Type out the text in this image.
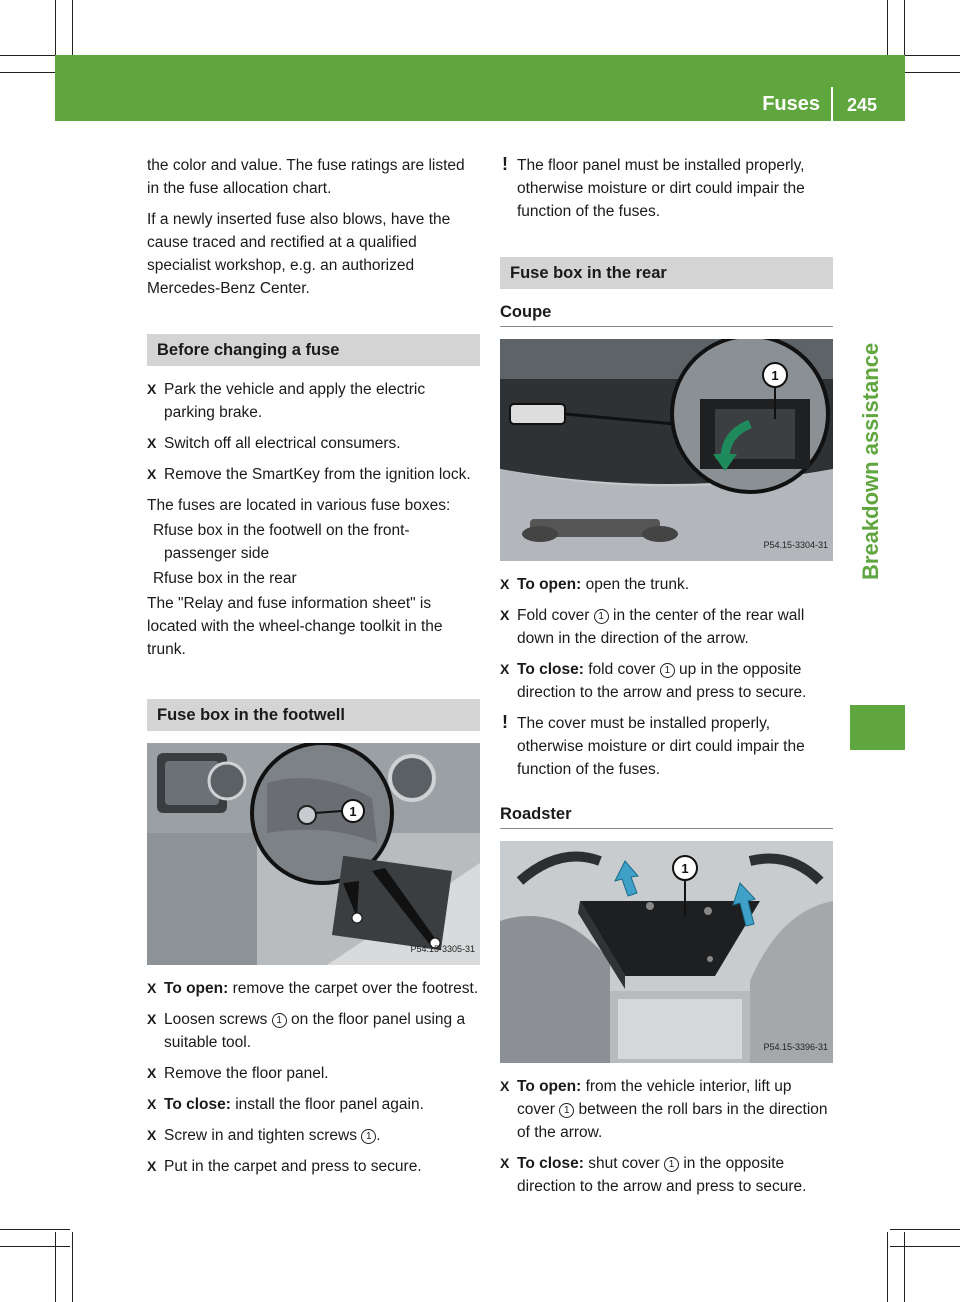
Fuses 245
Breakdown assistance

the color and value. The fuse ratings are listed in the fuse allocation chart.

If a newly inserted fuse also blows, have the cause traced and rectified at a qualified specialist workshop, e.g. an authorized Mercedes-Benz Center.

Before changing a fuse
X Park the vehicle and apply the electric parking brake.
X Switch off all electrical consumers.
X Remove the SmartKey from the ignition lock.

The fuses are located in various fuse boxes:

R fuse box in the footwell on the front-passenger side
R fuse box in the rear

The "Relay and fuse information sheet" is located with the wheel-change toolkit in the trunk.

Fuse box in the footwell
1
P54.15-3305-31
X To open: remove the carpet over the footrest.
X Loosen screws 1 on the floor panel using a suitable tool.
X Remove the floor panel.
X To close: install the floor panel again.
X Screw in and tighten screws 1 .
X Put in the carpet and press to secure.
! The floor panel must be installed properly, otherwise moisture or dirt could impair the function of the fuses.
Fuse box in the rear
Coupe
1
P54.15-3304-31
X To open: open the trunk.
X Fold cover 1 in the center of the rear wall down in the direction of the arrow.
X To close: fold cover 1 up in the opposite direction to the arrow and press to secure.
! The cover must be installed properly, otherwise moisture or dirt could impair the function of the fuses.
Roadster
1
P54.15-3396-31
X To open: from the vehicle interior, lift up cover 1 between the roll bars in the direction of the arrow.
X To close: shut cover 1 in the opposite direction to the arrow and press to secure.
